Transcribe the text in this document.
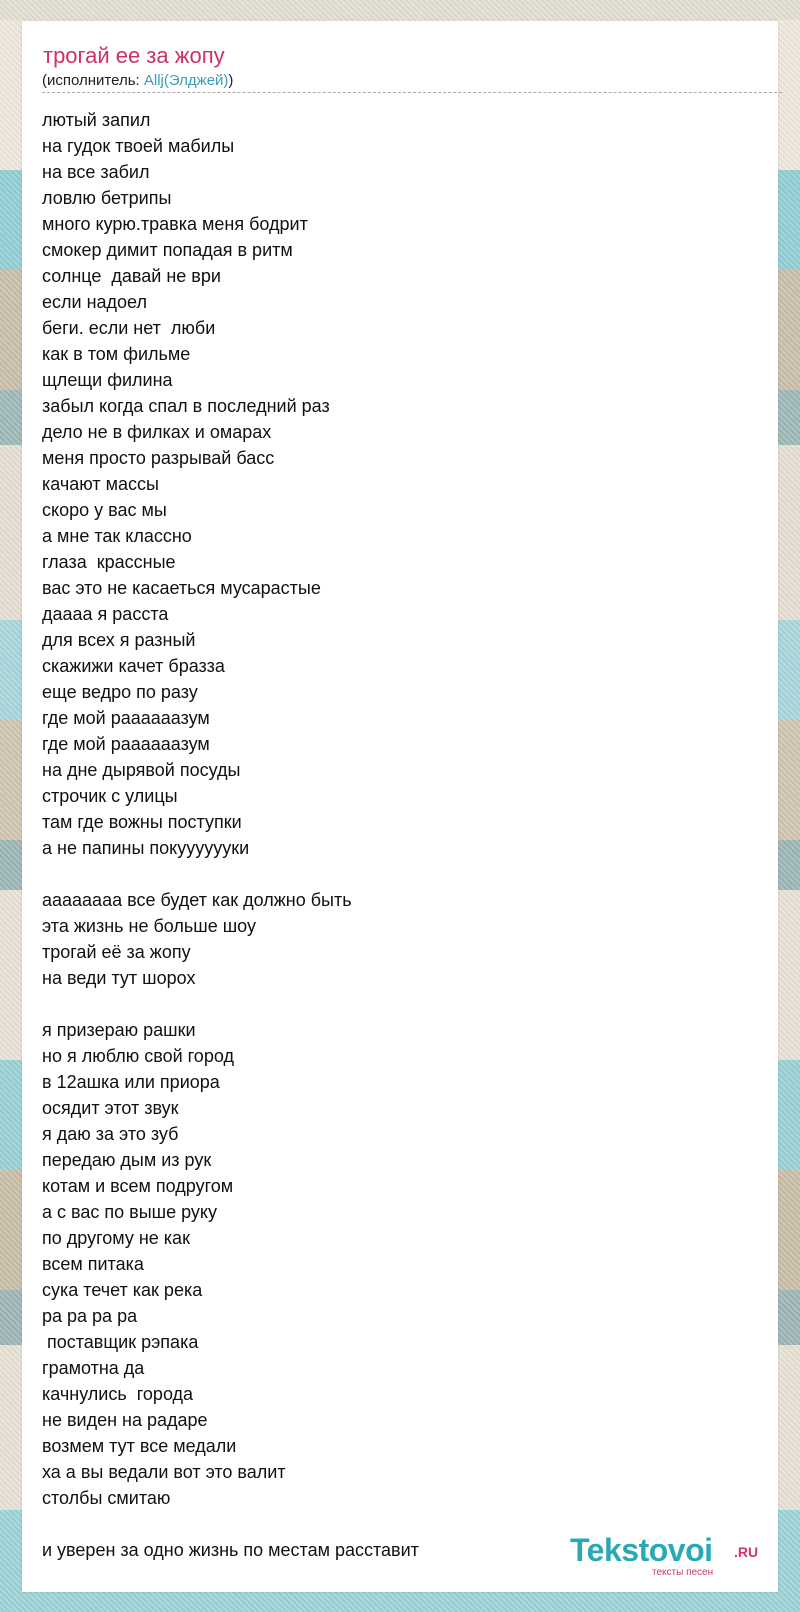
трогай ее за жопу
(исполнитель: Allj(Элджей))
лютый запил
на гудок твоей мабилы
на все забил
ловлю бетрипы
много курю.травка меня бодрит
смокер димит попадая в ритм
солнце  давай не ври
если надоел
беги. если нет  люби
как в том фильме
щлещи филина
забыл когда спал в последний раз
дело не в филках и омарах
меня просто разрывай басс
качают массы
скоро у вас мы
а мне так классно
глаза  крассные
вас это не касаеться мусарастые
даааа я расста
для всех я разный
скажижи качет бразза
еще ведро по разу
где мой раааааазум
где мой раааааазум
на дне дырявой посуды
строчик с улицы
там где вожны поступки
а не папины покууууууки
аааааааа все будет как должно быть
эта жизнь не больше шоу
трогай её за жопу
на веди тут шорох
я призераю рашки
но я люблю свой город
в 12ашка или приора
осядит этот звук
я даю за это зуб
передаю дым из рук
котам и всем подругом
а с вас по выше руку
по другому не как
всем питака
сука течет как река
ра ра ра ра
поставщик рэпака
грамотна да
качнулись  города
не виден на радаре
возмем тут все медали
ха а вы ведали вот это валит
столбы смитаю
и уверен за одно жизнь по местам расставит	Tekstovoi .RU
тексты песен
